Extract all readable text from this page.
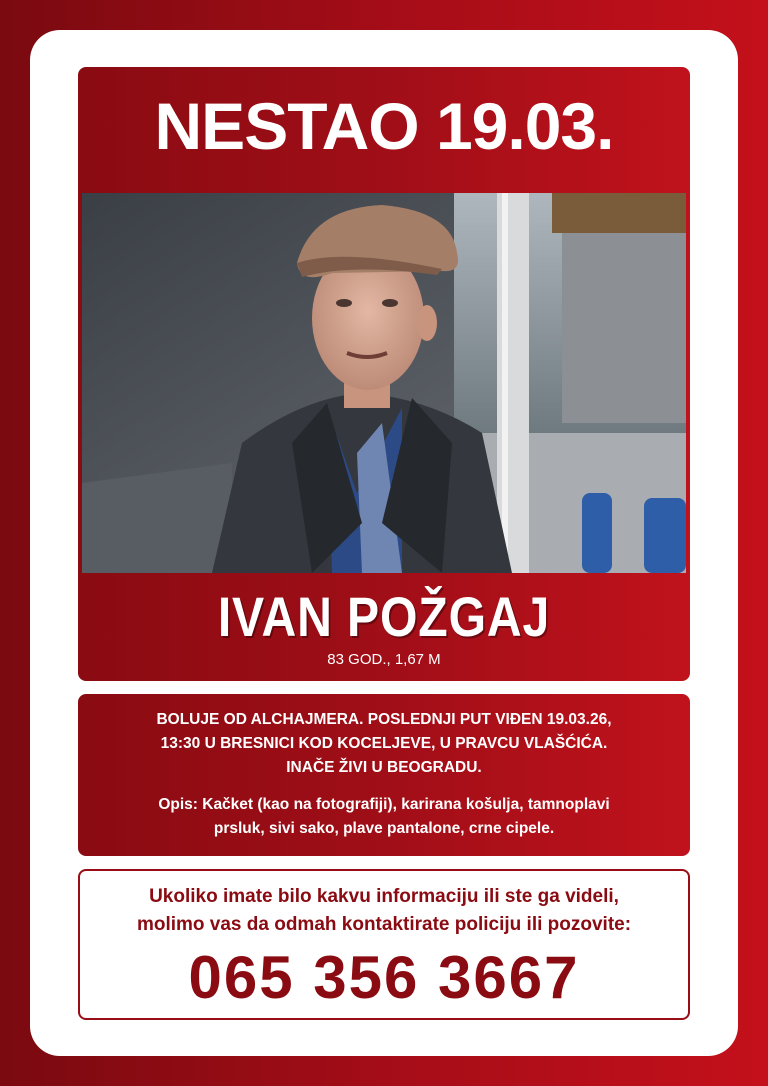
NESTAO 19.03.
IVAN POŽGAJ
83 GOD., 1,67 M
BOLUJE OD ALCHAJMERA. POSLEDNJI PUT VIĐEN 19.03.26,
13:30 U BRESNICI KOD KOCELJEVE, U PRAVCU VLAŠĆIĆA.
INAČE ŽIVI U BEOGRADU.
Opis: Kačket (kao na fotografiji), karirana košulja, tamnoplavi
prsluk, sivi sako, plave pantalone, crne cipele.
Ukoliko imate bilo kakvu informaciju ili ste ga videli,
molimo vas da odmah kontaktirate policiju ili pozovite:
065 356 3667
